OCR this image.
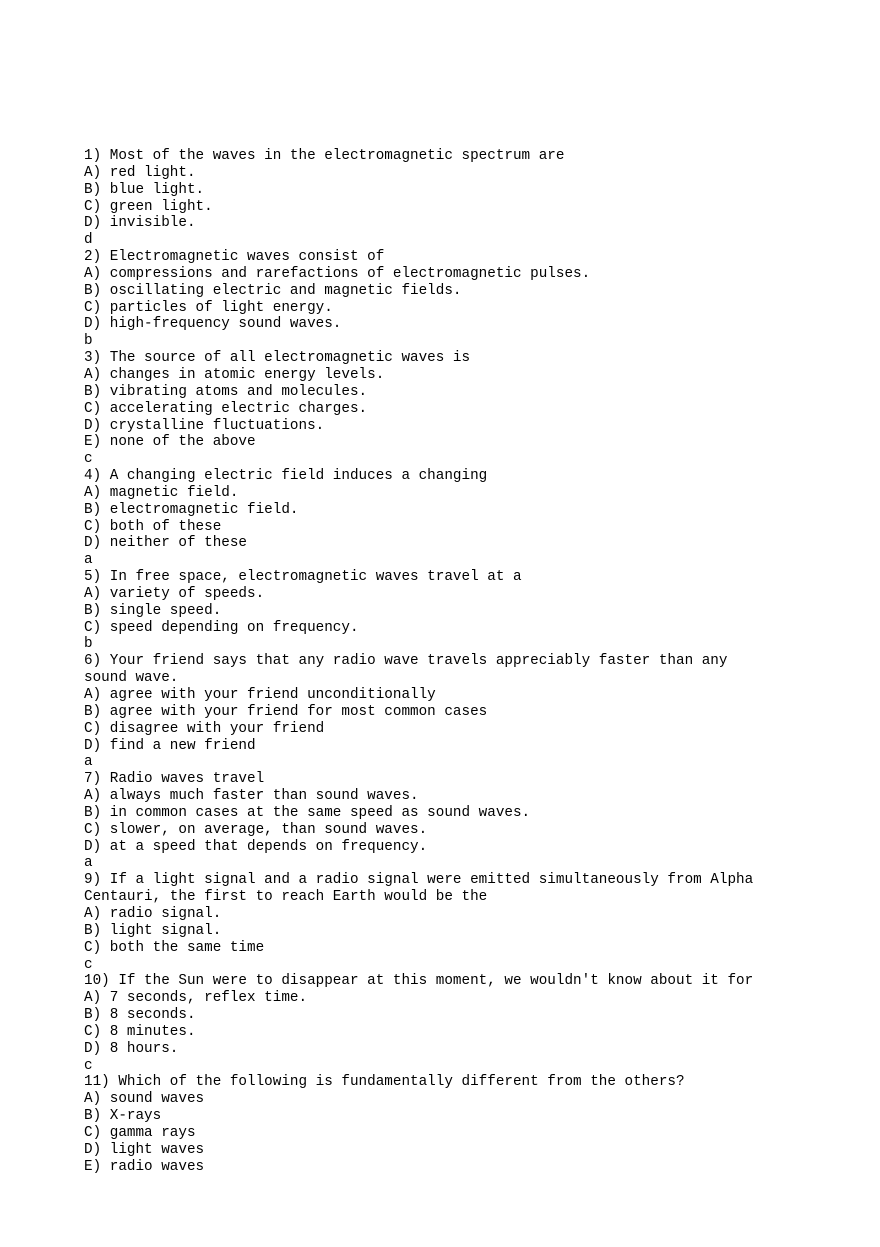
1) Most of the waves in the electromagnetic spectrum are
A) red light.
B) blue light.
C) green light.
D) invisible.
d
2) Electromagnetic waves consist of
A) compressions and rarefactions of electromagnetic pulses.
B) oscillating electric and magnetic fields.
C) particles of light energy.
D) high-frequency sound waves.
b
3) The source of all electromagnetic waves is
A) changes in atomic energy levels.
B) vibrating atoms and molecules.
C) accelerating electric charges.
D) crystalline fluctuations.
E) none of the above
c
4) A changing electric field induces a changing
A) magnetic field.
B) electromagnetic field.
C) both of these
D) neither of these
a
5) In free space, electromagnetic waves travel at a
A) variety of speeds.
B) single speed.
C) speed depending on frequency.
b
6) Your friend says that any radio wave travels appreciably faster than any
sound wave.
A) agree with your friend unconditionally
B) agree with your friend for most common cases
C) disagree with your friend
D) find a new friend
a
7) Radio waves travel
A) always much faster than sound waves.
B) in common cases at the same speed as sound waves.
C) slower, on average, than sound waves.
D) at a speed that depends on frequency.
a
9) If a light signal and a radio signal were emitted simultaneously from Alpha
Centauri, the first to reach Earth would be the
A) radio signal.
B) light signal.
C) both the same time
c
10) If the Sun were to disappear at this moment, we wouldn't know about it for
A) 7 seconds, reflex time.
B) 8 seconds.
C) 8 minutes.
D) 8 hours.
c
11) Which of the following is fundamentally different from the others?
A) sound waves
B) X-rays
C) gamma rays
D) light waves
E) radio waves
